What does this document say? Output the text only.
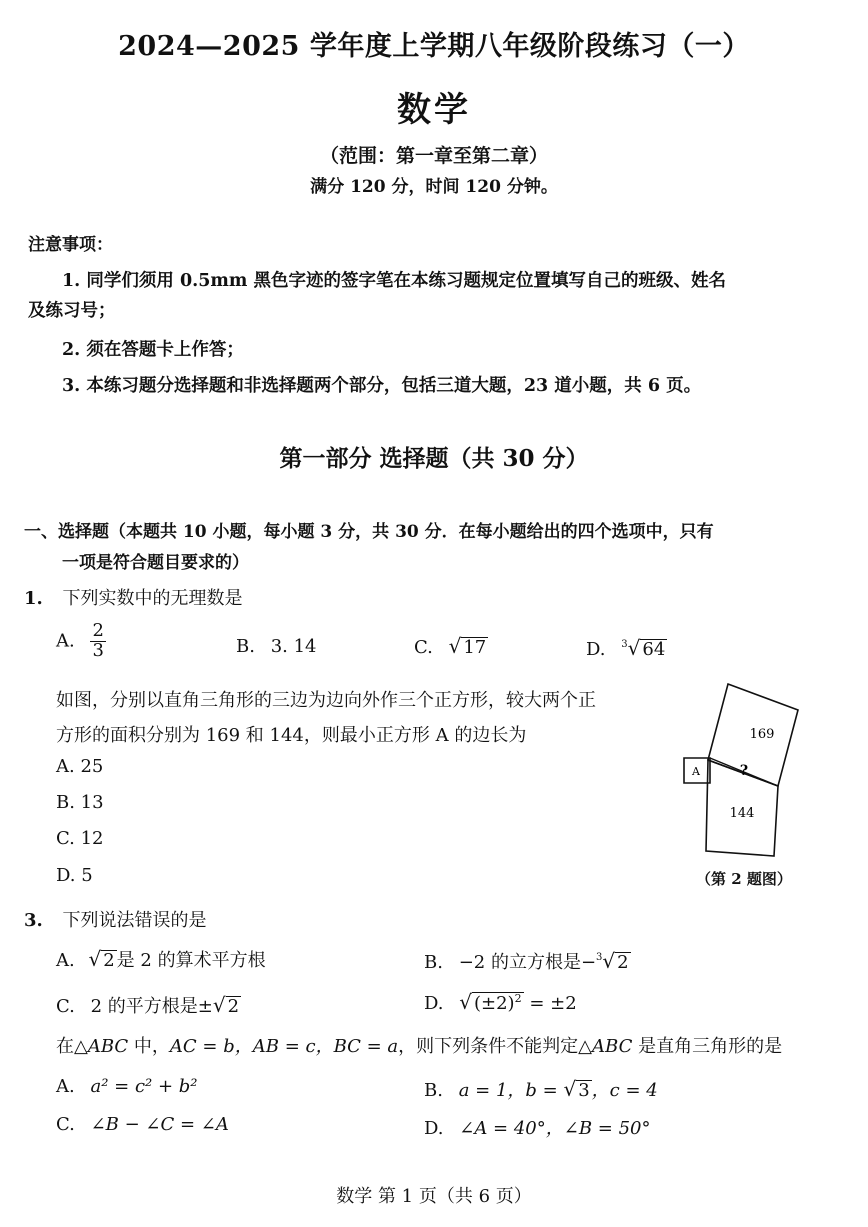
2024—2025 学年度上学期八年级阶段练习（一）
数学
（范围：第一章至第二章）
满分 120 分，时间 120 分钟。
注意事项：
1. 同学们须用 0.5mm 黑色字迹的签字笔在本练习题规定位置填写自己的班级、姓名
及练习号；
2. 须在答题卡上作答；
3. 本练习题分选择题和非选择题两个部分，包括三道大题，23 道小题，共 6 页。
第一部分 选择题（共 30 分）
一、选择题（本题共 10 小题，每小题 3 分，共 30 分．在每小题给出的四个选项中，只有
一项是符合题目要求的）
1. 下列实数中的无理数是
A. $\frac{2}{3}$	B. 3. 14	C. √ 17	D. $^3$√ 64
如图，分别以直角三角形的三边为边向外作三个正方形，较大两个正
方形的面积分别为 169 和 144，则最小正方形 A 的边长为
A. 25
B. 13
C. 12
D. 5
169
144
A	?
（第 2 题图）
3. 下列说法错误的是
A. √ 2 是 2 的算术平方根	B. −2 的立方根是−$^3$√ 2
C. 2 的平方根是±√ 2	D. √ $(\pm 2)^2 = \pm 2$
在△ABC 中，AC = b，AB = c，BC = a，则下列条件不能判定△ABC 是直角三角形的是
A. a² = c² + b²	B. a = 1，b = √ 3 ，c = 4
C. ∠B − ∠C = ∠A	D. ∠A = 40°，∠B = 50°
数学 第 1 页（共 6 页）
